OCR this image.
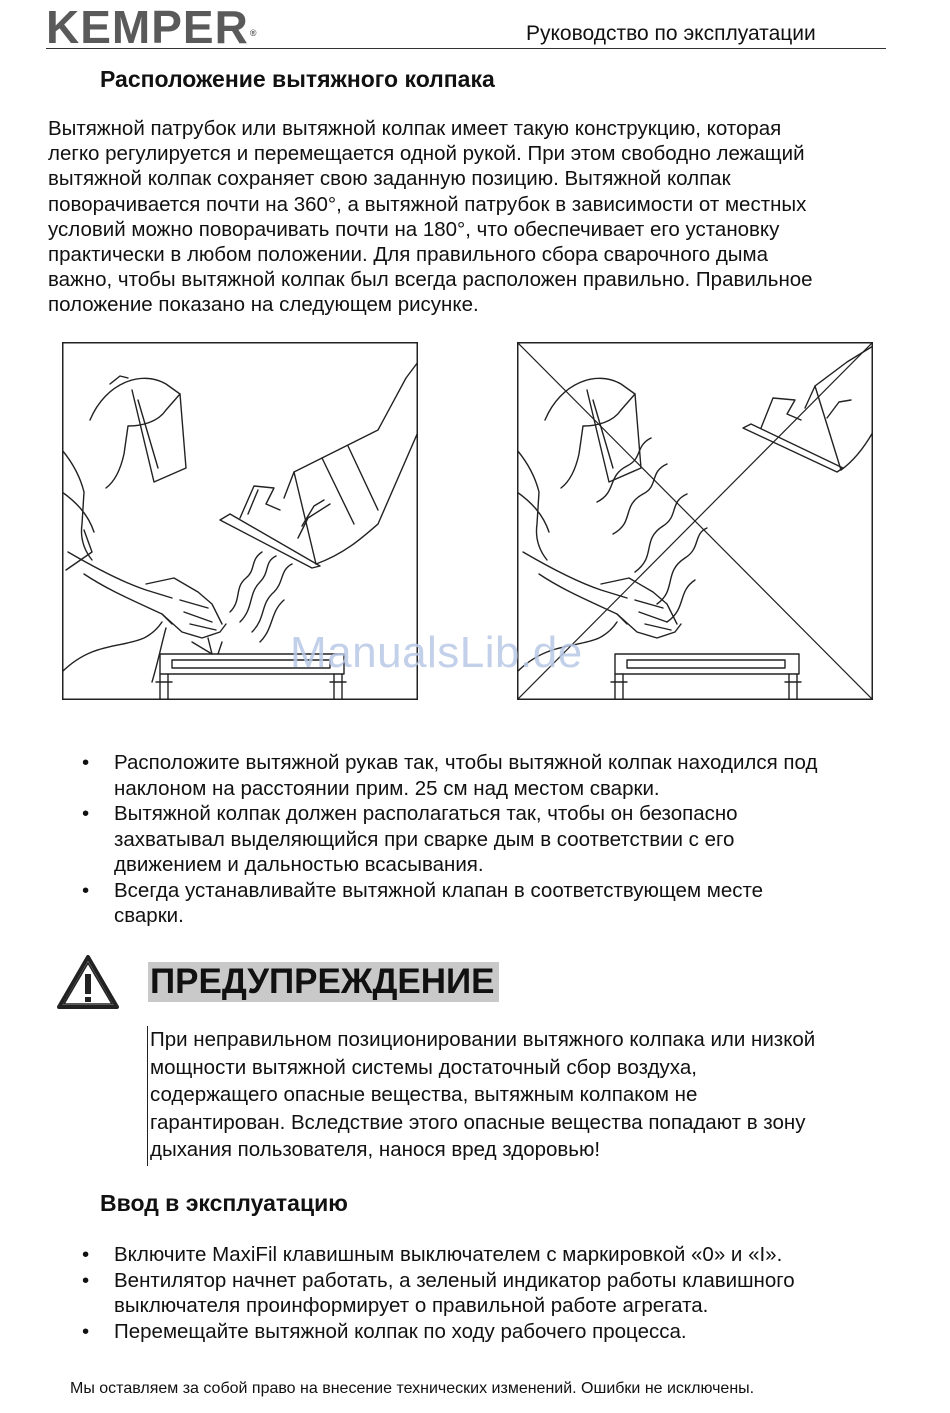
KEMPER®	Руководство по эксплуатации
Расположение вытяжного колпака
Вытяжной патрубок или вытяжной колпак имеет такую конструкцию, которая
легко регулируется и перемещается одной рукой. При этом свободно лежащий
вытяжной колпак сохраняет свою заданную позицию. Вытяжной колпак
поворачивается почти на 360°, а вытяжной патрубок в зависимости от местных
условий можно поворачивать почти на 180°, что обеспечивает его установку
практически в любом положении. Для правильного сбора сварочного дыма
важно, чтобы вытяжной колпак был всегда расположен правильно. Правильное
положение показано на следующем рисунке.
ManualsLib.de
• Расположите вытяжной рукав так, чтобы вытяжной колпак находился под
наклоном на расстоянии прим. 25 см над местом сварки.
• Вытяжной колпак должен располагаться так, чтобы он безопасно
захватывал выделяющийся при сварке дым в соответствии с его
движением и дальностью всасывания.
• Всегда устанавливайте вытяжной клапан в соответствующем месте
сварки.
ПРЕДУПРЕЖДЕНИЕ
При неправильном позиционировании вытяжного колпака или низкой
мощности вытяжной системы достаточный сбор воздуха,
содержащего опасные вещества, вытяжным колпаком не
гарантирован. Вследствие этого опасные вещества попадают в зону
дыхания пользователя, нанося вред здоровью!
Ввод в эксплуатацию
• Включите MaxiFil клавишным выключателем с маркировкой «0» и «I».
• Вентилятор начнет работать, а зеленый индикатор работы клавишного
выключателя проинформирует о правильной работе агрегата.
• Перемещайте вытяжной колпак по ходу рабочего процесса.
Мы оставляем за собой право на внесение технических изменений. Ошибки не исключены.
